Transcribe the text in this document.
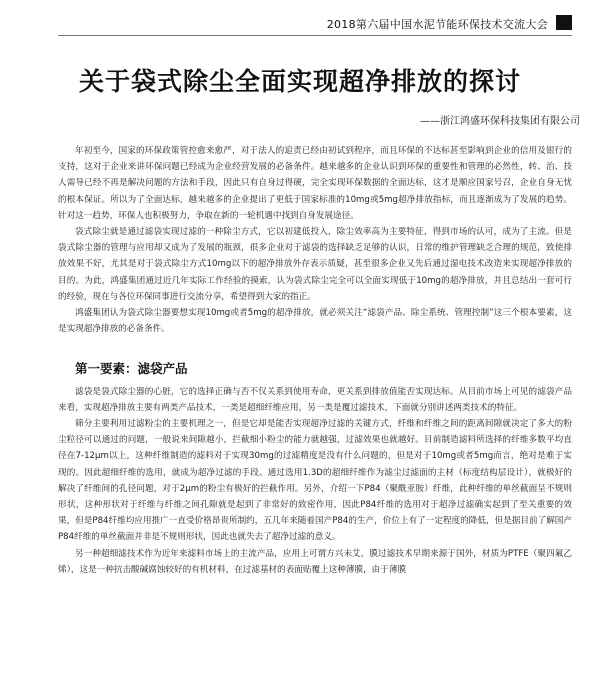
2018第六届中国水泥节能环保技术交流大会
关于袋式除尘全面实现超净排放的探讨
——浙江鸿盛环保科技集团有限公司

年初至今，国家的环保政策管控愈来愈严，对于法人的追责已经由初试到程序，而且环保的不达标甚至影响到企业的信用及银行的支持，这对于企业来讲环保问题已经成为企业经营发展的必备条件。越来越多的企业认识到环保的重要性和管理的必然性，转、治、技人需导已经不再是解决问题的方法和手段，因此只有自身过得硬，完全实现环保数据的全面达标，这才是顺应国家号召，企业自身无忧的根本保证。所以为了全面达标，越来越多的企业提出了更低于国家标准的10mg或5mg超净排放指标，而且逐渐成为了发展的趋势。针对这一趋势，环保人也积极努力，争取在新的一轮机遇中找到自身发展途径。

袋式除尘就是通过滤袋实现过滤的一种除尘方式，它以初建低投入，除尘效率高为主要特征，得到市场的认可，成为了主流。但是袋式除尘器的管理与应用却又成为了发展的瓶颈，很多企业对于滤袋的选择缺乏足够的认识，日常的维护管理缺乏合理的规范，致使排放效果不好，尤其是对于袋式除尘方式10mg以下的超净排放外存表示质疑，甚至很多企业又先后通过湿电技术改造来实现超净排放的目的。为此，鸿盛集团通过近几年实际工作经验的摸索，认为袋式除尘完全可以全面实现低于10mg的超净排放，并且总结出一套可行的经验，现在与各位环保同事进行交流分享，希望得到大家的指正。

鸿盛集团认为袋式除尘器要想实现10mg或者5mg的超净排放，就必须关注“滤袋产品、除尘系统、管理控制”这三个根本要素，这是实现超净排放的必备条件。

第一要素：滤袋产品

滤袋是袋式除尘器的心脏，它的选择正确与否不仅关系到使用寿命，更关系到排放值能否实现达标。从目前市场上可见的滤袋产品来看，实现超净排放主要有两类产品技术，一类是超细纤维应用，另一类是覆过滤技术，下面就分别讲述两类技术的特征。

筛分主要利用过滤粉尘的主要机理之一，但是它却是能否实现超净过滤的关键方式，纤维和纤维之间的距离间隙就决定了多大的粉尘粒径可以通过的问题，一般说来间隙越小，拦截细小粉尘的能力就越强，过滤效果也就越好。目前制造滤料所选择的纤维多数平均直径在7-12μm以上，这种纤维制造的滤料对于实现30mg的过滤精度是没有什么问题的，但是对于10mg或者5mg而言，绝对是难于实现的。因此超细纤维的选用，就成为超净过滤的手段。通过选用1.3D的超细纤维作为滤尘过滤面的主材（标度结构层设计），就极好的解决了纤维间的孔径问题，对于2μm的粉尘有极好的拦截作用。另外，介绍一下P84（聚酰亚胺）纤维，此种纤维的单丝截面呈不规则形状，这种形状对于纤维与纤维之间孔隙就是起到了非常好的致密作用，因此P84纤维的选用对于超净过滤确实起到了至关重要的效果，但是P84纤维均应用推广一直受价格昂贵所制约，五几年来随着国产P84的生产，价位上有了一定程度的降低，但是据目前了解国产P84纤维的单丝截面并非是不规则形状，因此也就失去了超净过滤的意义。

另一种超细滤技术作为近年来滤料市场上的主流产品，应用上可谓方兴未艾，膜过滤技术早期来源于国外，材质为PTFE（聚四氟乙烯），这是一种抗击酸碱腐蚀较好的有机材料，在过滤基材的表面贴覆上这种薄膜，由于薄膜
